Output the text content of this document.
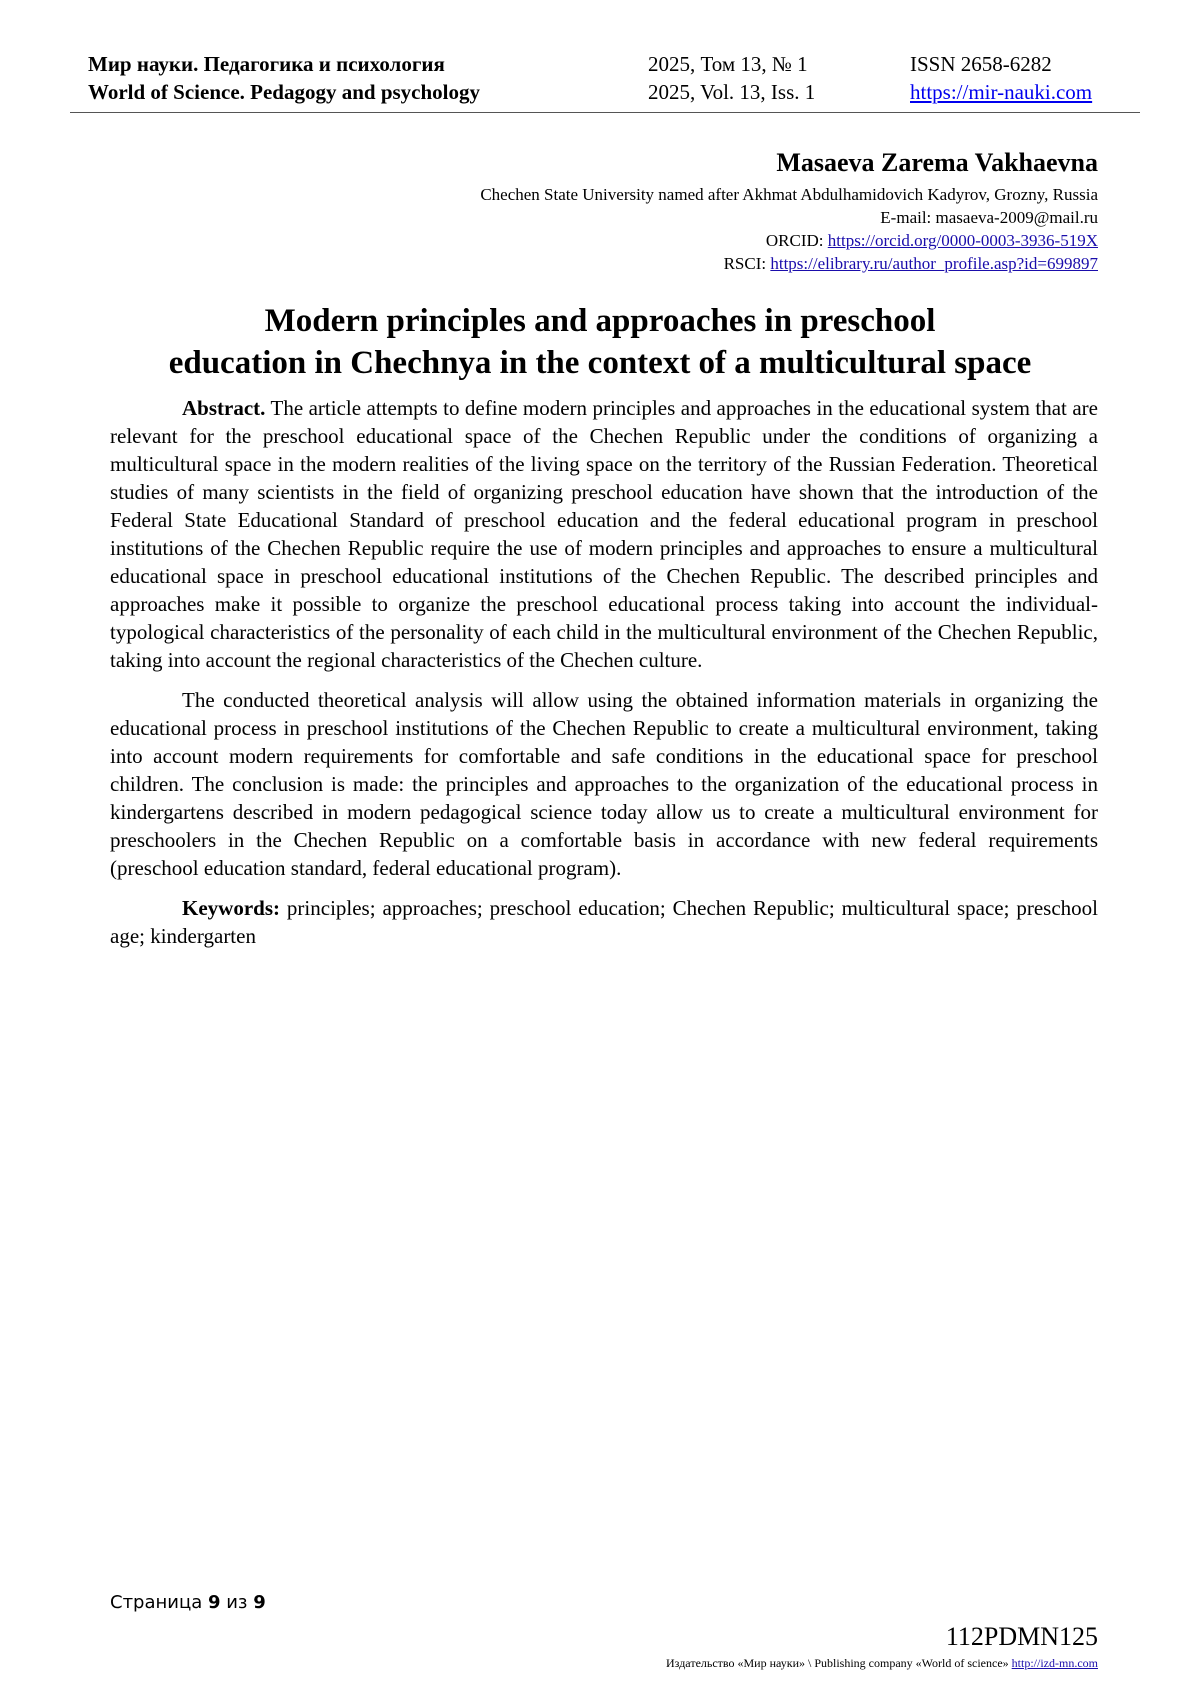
Мир науки. Педагогика и психология
World of Science. Pedagogy and psychology
2025, Том 13, № 1
2025, Vol. 13, Iss. 1
ISSN 2658-6282
https://mir-nauki.com
Masaeva Zarema Vakhaevna
Chechen State University named after Akhmat Abdulhamidovich Kadyrov, Grozny, Russia
E-mail: masaeva-2009@mail.ru
ORCID: https://orcid.org/0000-0003-3936-519X
RSCI: https://elibrary.ru/author_profile.asp?id=699897
Modern principles and approaches in preschool
education in Chechnya in the context of a multicultural space

Abstract. The article attempts to define modern principles and approaches in the educational system that are relevant for the preschool educational space of the Chechen Republic under the conditions of organizing a multicultural space in the modern realities of the living space on the territory of the Russian Federation. Theoretical studies of many scientists in the field of organizing preschool education have shown that the introduction of the Federal State Educational Standard of preschool education and the federal educational program in preschool institutions of the Chechen Republic require the use of modern principles and approaches to ensure a multicultural educational space in preschool educational institutions of the Chechen Republic. The described principles and approaches make it possible to organize the preschool educational process taking into account the individual-typological characteristics of the personality of each child in the multicultural environment of the Chechen Republic, taking into account the regional characteristics of the Chechen culture.

The conducted theoretical analysis will allow using the obtained information materials in organizing the educational process in preschool institutions of the Chechen Republic to create a multicultural environment, taking into account modern requirements for comfortable and safe conditions in the educational space for preschool children. The conclusion is made: the principles and approaches to the organization of the educational process in kindergartens described in modern pedagogical science today allow us to create a multicultural environment for preschoolers in the Chechen Republic on a comfortable basis in accordance with new federal requirements (preschool education standard, federal educational program).

Keywords: principles; approaches; preschool education; Chechen Republic; multicultural space; preschool age; kindergarten

Страница 9 из 9
112PDMN125
Издательство «Мир науки» \ Publishing company «World of science» http://izd-mn.com
